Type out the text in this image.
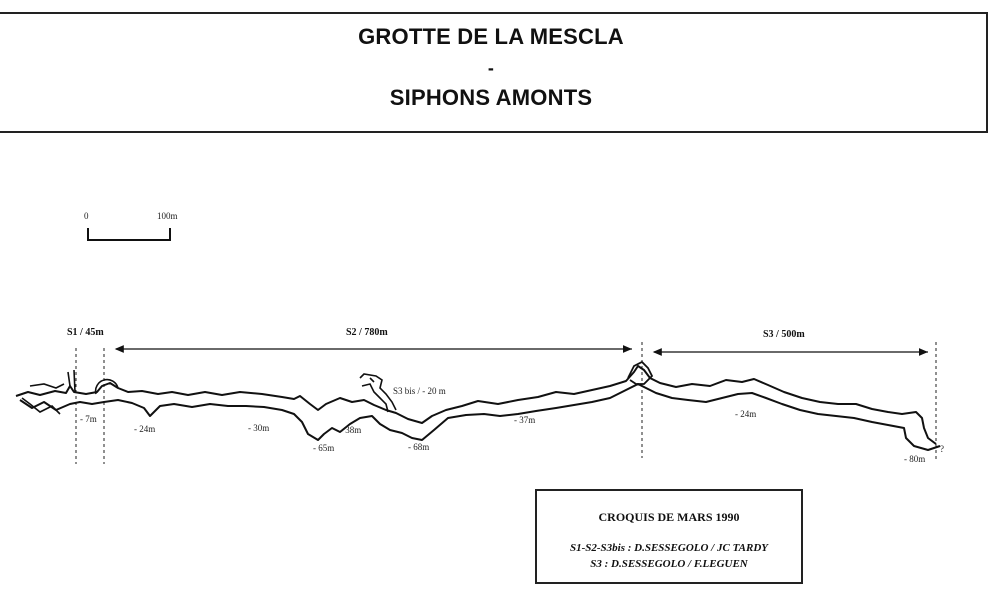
GROTTE DE LA MESCLA
-
SIPHONS AMONTS
0	100m
S1 / 45m	S2 / 780m	S3 / 500m
- 7m
- 24m	- 30m
- 65m
- 38m
- 68m
- 37m
- 24m
- 80m
S3 bis / - 20 m
?
CROQUIS DE MARS 1990
S1-S2-S3bis : D.SESSEGOLO / JC TARDY
S3 : D.SESSEGOLO / F.LEGUEN
